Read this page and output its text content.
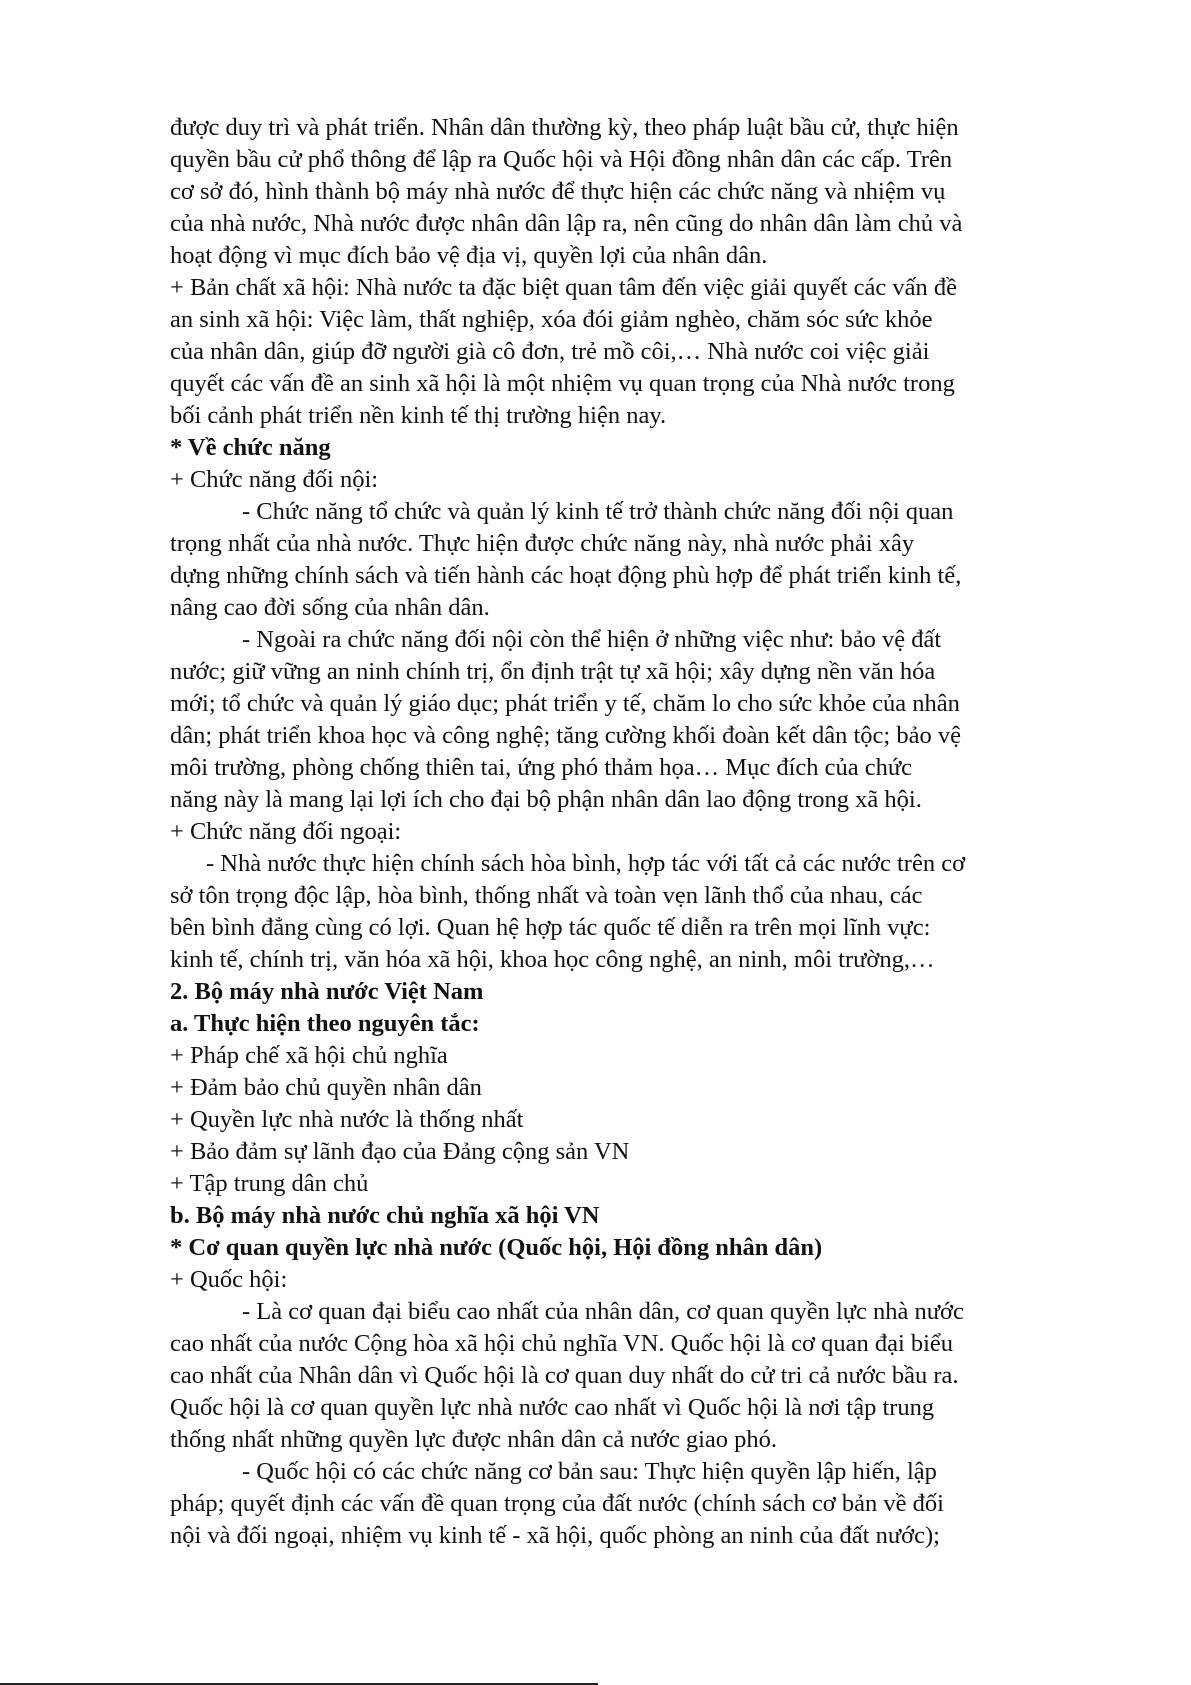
được duy trì và phát triển. Nhân dân thường kỳ, theo pháp luật bầu cử, thực hiện
quyền bầu cử phổ thông để lập ra Quốc hội và Hội đồng nhân dân các cấp. Trên
cơ sở đó, hình thành bộ máy nhà nước để thực hiện các chức năng và nhiệm vụ
của nhà nước, Nhà nước được nhân dân lập ra, nên cũng do nhân dân làm chủ và
hoạt động vì mục đích bảo vệ địa vị, quyền lợi của nhân dân.
+ Bản chất xã hội: Nhà nước ta đặc biệt quan tâm đến việc giải quyết các vấn đề
an sinh xã hội: Việc làm, thất nghiệp, xóa đói giảm nghèo, chăm sóc sức khỏe
của nhân dân, giúp đỡ người già cô đơn, trẻ mồ côi,… Nhà nước coi việc giải
quyết các vấn đề an sinh xã hội là một nhiệm vụ quan trọng của Nhà nước trong
bối cảnh phát triển nền kinh tế thị trường hiện nay.
* Về chức năng
+ Chức năng đối nội:
- Chức năng tổ chức và quản lý kinh tế trở thành chức năng đối nội quan
trọng nhất của nhà nước. Thực hiện được chức năng này, nhà nước phải xây
dựng những chính sách và tiến hành các hoạt động phù hợp để phát triển kinh tế,
nâng cao đời sống của nhân dân.
- Ngoài ra chức năng đối nội còn thể hiện ở những việc như: bảo vệ đất
nước; giữ vững an ninh chính trị, ổn định trật tự xã hội; xây dựng nền văn hóa
mới; tổ chức và quản lý giáo dục; phát triển y tế, chăm lo cho sức khỏe của nhân
dân; phát triển khoa học và công nghệ; tăng cường khối đoàn kết dân tộc; bảo vệ
môi trường, phòng chống thiên tai, ứng phó thảm họa… Mục đích của chức
năng này là mang lại lợi ích cho đại bộ phận nhân dân lao động trong xã hội.
+ Chức năng đối ngoại:
- Nhà nước thực hiện chính sách hòa bình, hợp tác với tất cả các nước trên cơ
sở tôn trọng độc lập, hòa bình, thống nhất và toàn vẹn lãnh thổ của nhau, các
bên bình đẳng cùng có lợi. Quan hệ hợp tác quốc tế diễn ra trên mọi lĩnh vực:
kinh tế, chính trị, văn hóa xã hội, khoa học công nghệ, an ninh, môi trường,…
2. Bộ máy nhà nước Việt Nam
a. Thực hiện theo nguyên tắc:
+ Pháp chế xã hội chủ nghĩa
+ Đảm bảo chủ quyền nhân dân
+ Quyền lực nhà nước là thống nhất
+ Bảo đảm sự lãnh đạo của Đảng cộng sản VN
+ Tập trung dân chủ
b. Bộ máy nhà nước chủ nghĩa xã hội VN
* Cơ quan quyền lực nhà nước (Quốc hội, Hội đồng nhân dân)
+ Quốc hội:
- Là cơ quan đại biểu cao nhất của nhân dân, cơ quan quyền lực nhà nước
cao nhất của nước Cộng hòa xã hội chủ nghĩa VN. Quốc hội là cơ quan đại biểu
cao nhất của Nhân dân vì Quốc hội là cơ quan duy nhất do cử tri cả nước bầu ra.
Quốc hội là cơ quan quyền lực nhà nước cao nhất vì Quốc hội là nơi tập trung
thống nhất những quyền lực được nhân dân cả nước giao phó.
- Quốc hội có các chức năng cơ bản sau: Thực hiện quyền lập hiến, lập
pháp; quyết định các vấn đề quan trọng của đất nước (chính sách cơ bản về đối
nội và đối ngoại, nhiệm vụ kinh tế - xã hội, quốc phòng an ninh của đất nước);
